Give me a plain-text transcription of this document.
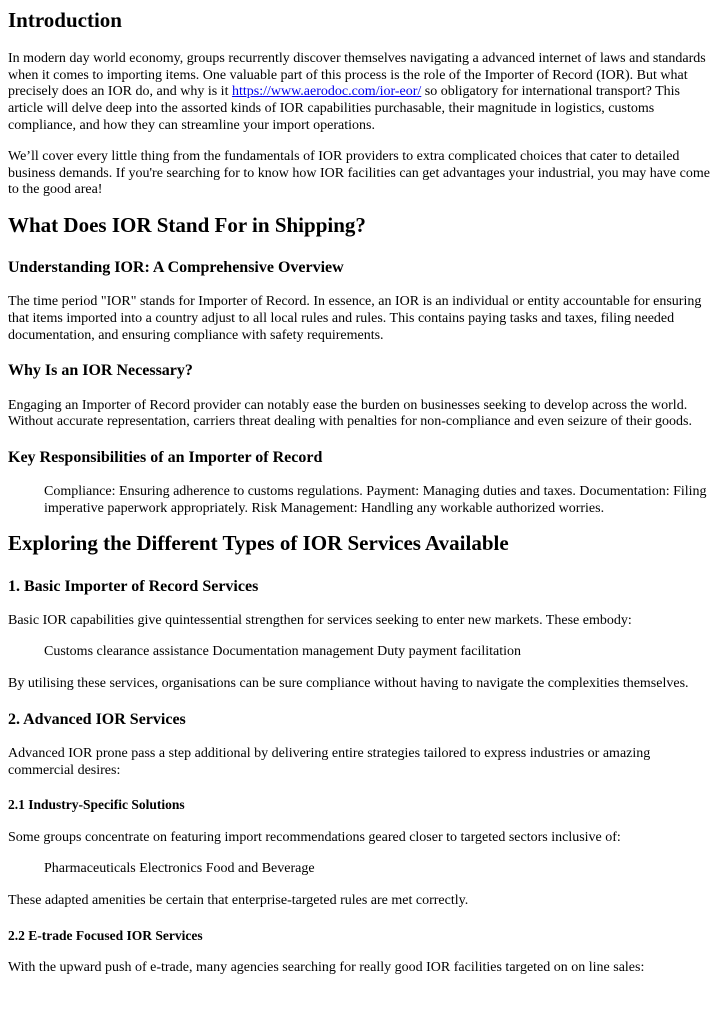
Introduction

In modern day world economy, groups recurrently discover themselves navigating a advanced internet of laws and standards when it comes to importing items. One valuable part of this process is the role of the Importer of Record (IOR). But what precisely does an IOR do, and why is it https://www.aerodoc.com/ior-eor/ so obligatory for international transport? This article will delve deep into the assorted kinds of IOR capabilities purchasable, their magnitude in logistics, customs compliance, and how they can streamline your import operations.

We’ll cover every little thing from the fundamentals of IOR providers to extra complicated choices that cater to detailed business demands. If you're searching for to know how IOR facilities can get advantages your industrial, you may have come to the good area!

What Does IOR Stand For in Shipping?
Understanding IOR: A Comprehensive Overview

The time period "IOR" stands for Importer of Record. In essence, an IOR is an individual or entity accountable for ensuring that items imported into a country adjust to all local rules and rules. This contains paying tasks and taxes, filing needed documentation, and ensuring compliance with safety requirements.

Why Is an IOR Necessary?

Engaging an Importer of Record provider can notably ease the burden on businesses seeking to develop across the world. Without accurate representation, carriers threat dealing with penalties for non-compliance and even seizure of their goods.

Key Responsibilities of an Importer of Record

Compliance: Ensuring adherence to customs regulations. Payment: Managing duties and taxes. Documentation: Filing imperative paperwork appropriately. Risk Management: Handling any workable authorized worries.

Exploring the Different Types of IOR Services Available
1. Basic Importer of Record Services

Basic IOR capabilities give quintessential strengthen for services seeking to enter new markets. These embody:

Customs clearance assistance Documentation management Duty payment facilitation

By utilising these services, organisations can be sure compliance without having to navigate the complexities themselves.

2. Advanced IOR Services

Advanced IOR prone pass a step additional by delivering entire strategies tailored to express industries or amazing commercial desires:

2.1 Industry-Specific Solutions

Some groups concentrate on featuring import recommendations geared closer to targeted sectors inclusive of:

Pharmaceuticals Electronics Food and Beverage

These adapted amenities be certain that enterprise-targeted rules are met correctly.

2.2 E-trade Focused IOR Services

With the upward push of e-trade, many agencies searching for really good IOR facilities targeted on on line sales:
